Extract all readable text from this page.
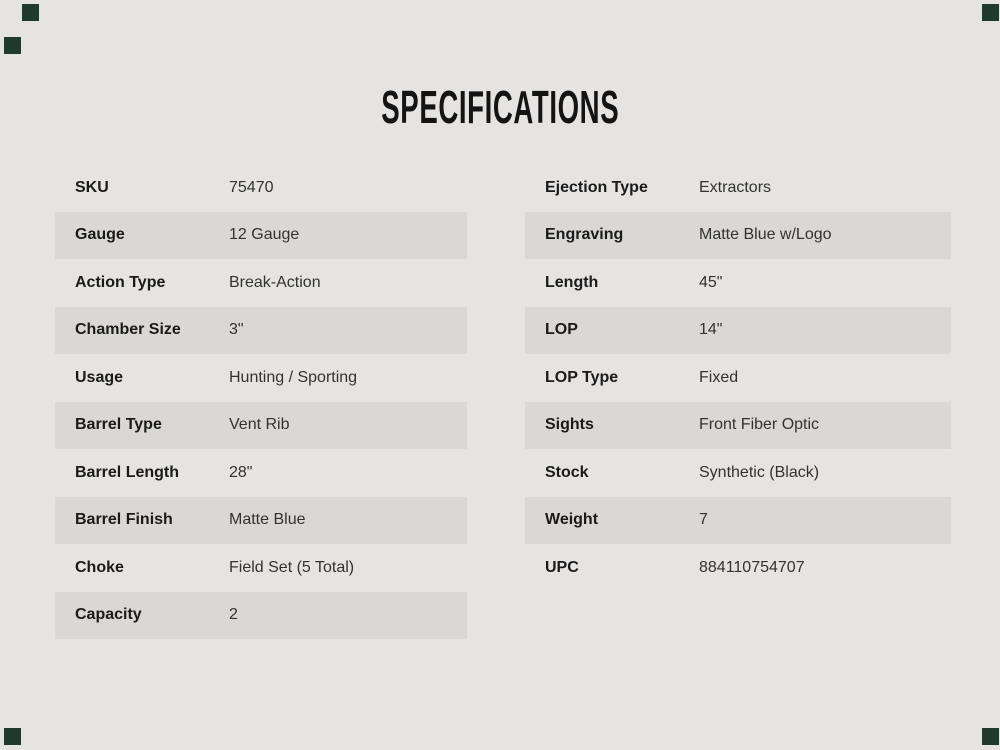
SPECIFICATIONS
SKU	75470
Gauge	12 Gauge
Action Type	Break-Action
Chamber Size	3"
Usage	Hunting / Sporting
Barrel Type	Vent Rib
Barrel Length	28"
Barrel Finish	Matte Blue
Choke	Field Set (5 Total)
Capacity	2
Ejection Type	Extractors
Engraving	Matte Blue w/Logo
Length	45"
LOP	14"
LOP Type	Fixed
Sights	Front Fiber Optic
Stock	Synthetic (Black)
Weight	7
UPC	884110754707
